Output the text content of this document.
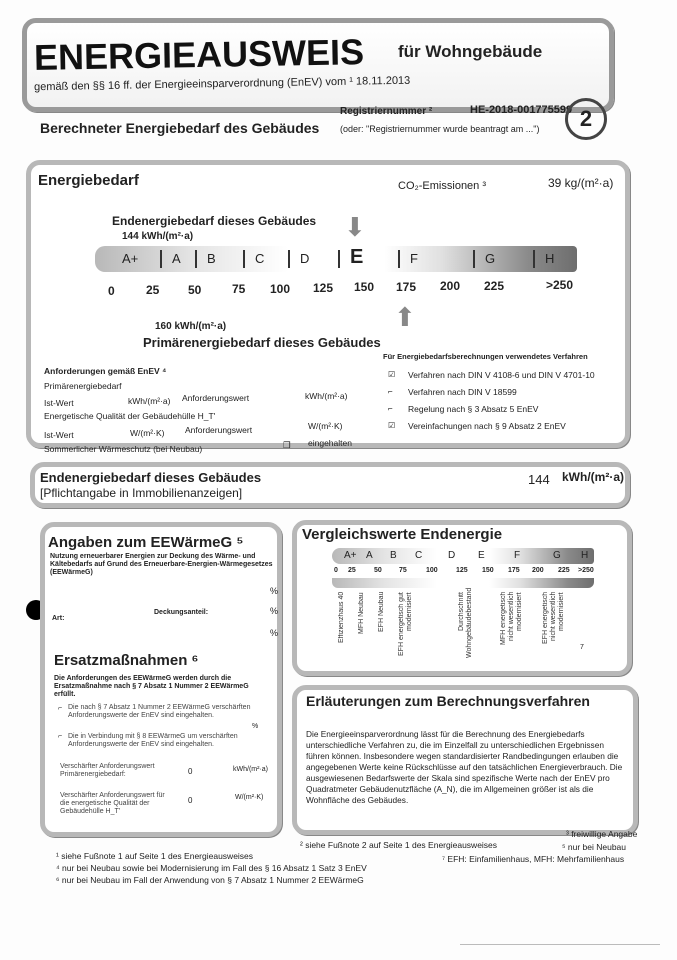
ENERGIEAUSWEIS für Wohngebäude
gemäß den §§ 16 ff. der Energieeinsparverordnung (EnEV) vom ¹ 18.11.2013
Berechneter Energiebedarf des Gebäudes
Registriernummer ²	HE-2018-001775599
(oder: "Registriernummer wurde beantragt am ...")	2
Energiebedarf	CO₂-Emissionen ³	39 kg/(m²·a)
Endenergiebedarf dieses Gebäudes
144 kWh/(m²·a)	⬇
⬆
160 kWh/(m²·a)
Primärenergiebedarf dieses Gebäudes
Anforderungen gemäß EnEV ⁴
Primärenergiebedarf
Ist-Wert	kWh/(m²·a) Anforderungswert	kWh/(m²·a)
Energetische Qualität der Gebäudehülle H_T'
Ist-Wert	W/(m²·K) Anforderungswert	W/(m²·K)
Sommerlicher Wärmeschutz (bei Neubau)	❒ eingehalten
Für Energiebedarfsberechnungen verwendetes Verfahren
Endenergiebedarf dieses Gebäudes
[Pflichtangabe in Immobilienanzeigen]
144 kWh/(m²·a)
Angaben zum EEWärmeG ⁵
Nutzung erneuerbarer Energien zur Deckung des Wärme- und Kältebedarfs auf Grund des Erneuerbare-Energien-Wärmegesetzes (EEWärmeG)
%
Art:
Deckungsanteil:	%
%
Ersatzmaßnahmen ⁶
Die Anforderungen des EEWärmeG werden durch die Ersatzmaßnahme nach § 7 Absatz 1 Nummer 2 EEWärmeG erfüllt.
⌐ Die nach § 7 Absatz 1 Nummer 2 EEWärmeG verschärften Anforderungswerte der EnEV sind eingehalten.
%
⌐ Die in Verbindung mit § 8 EEWärmeG um verschärften Anforderungswerte der EnEV sind eingehalten.
Verschärfter Anforderungswert Primärenergiebedarf:	0	kWh/(m²·a)
Verschärfter Anforderungswert für die energetische Qualität der Gebäudehülle H_T'
0	W/(m²·K)
Vergleichswerte Endenergie
7
Erläuterungen zum Berechnungsverfahren
Die Energieeinsparverordnung lässt für die Berechnung des Energiebedarfs unterschiedliche Verfahren zu, die im Einzelfall zu unterschiedlichen Ergebnissen führen können. Insbesondere wegen standardisierter Randbedingungen erlauben die angegebenen Werte keine Rückschlüsse auf den tatsächlichen Energieverbrauch. Die ausgewiesenen Bedarfswerte der Skala sind spezifische Werte nach der EnEV pro Quadratmeter Gebäudenutzfläche (A_N), die im Allgemeinen größer ist als die Wohnfläche des Gebäudes.
³ freiwillige Angabe
² siehe Fußnote 2 auf Seite 1 des Energieausweises	⁵ nur bei Neubau
¹ siehe Fußnote 1 auf Seite 1 des Energieausweises	⁷ EFH: Einfamilienhaus, MFH: Mehrfamilienhaus
⁴ nur bei Neubau sowie bei Modernisierung im Fall des § 16 Absatz 1 Satz 3 EnEV
⁶ nur bei Neubau im Fall der Anwendung von § 7 Absatz 1 Nummer 2 EEWärmeG
A+	A B	C	D E	F	G	H
0	25 50	75 100 125 150 175 200 225	>250
☑ Verfahren nach DIN V 4108-6 und DIN V 4701-10
⌐ Verfahren nach DIN V 18599
⌐ Regelung nach § 3 Absatz 5 EnEV
☑ Vereinfachungen nach § 9 Absatz 2 EnEV
A+ A B C	D E	F	G H
0 25	50 75	100	125 150 175 200 225 >250
Effizienzhaus 40 MFH Neubau EFH Neubau EFH energetisch gut modernisiert	Durchschnitt Wohngebäudebestand	MFH energetisch nicht wesentlich modernisiert	EFH energetisch nicht wesentlich modernisiert
